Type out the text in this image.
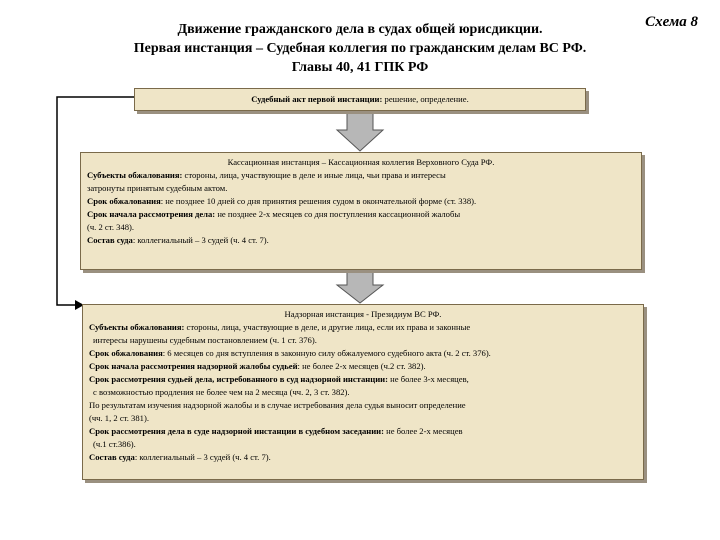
Схема 8
Движение гражданского дела в судах общей юрисдикции.
Первая инстанция – Судебная коллегия по гражданским делам ВС РФ.
Главы 40, 41 ГПК РФ
Судебный акт первой инстанции: решение, определение.
Кассационная инстанция – Кассационная коллегия Верховного Суда РФ.
Субъекты обжалования: стороны, лица, участвующие в деле и иные лица, чьи права и интересы
затронуты принятым судебным актом.
Срок обжалования: не позднее 10 дней со дня принятия решения судом в окончательной форме (ст. 338).
Срок начала рассмотрения дела: не позднее 2-х месяцев со дня поступления кассационной жалобы
(ч. 2 ст. 348).
Состав суда: коллегиальный – 3 судей (ч. 4 ст. 7).
Надзорная инстанция - Президиум ВС РФ.
Субъекты обжалования: стороны, лица, участвующие в деле, и другие лица, если их права и законные
интересы нарушены судебным постановлением (ч. 1 ст. 376).
Срок обжалования: 6 месяцев со дня вступления в законную силу обжалуемого судебного акта (ч. 2 ст. 376).
Срок начала рассмотрения надзорной жалобы судьей: не более 2-х месяцев (ч.2 ст. 382).
Срок рассмотрения судьей дела, истребованного в суд надзорной инстанции: не более 3-х месяцев,
с возможностью продления не более чем на 2 месяца (чч. 2, 3 ст. 382).
По результатам изучения надзорной жалобы и в случае истребования дела судья выносит определение
(чч. 1, 2 ст. 381).
Срок рассмотрения дела в суде надзорной инстанции в судебном заседании: не более 2-х месяцев
(ч.1 ст.386).
Состав суда: коллегиальный – 3 судей (ч. 4 ст. 7).
